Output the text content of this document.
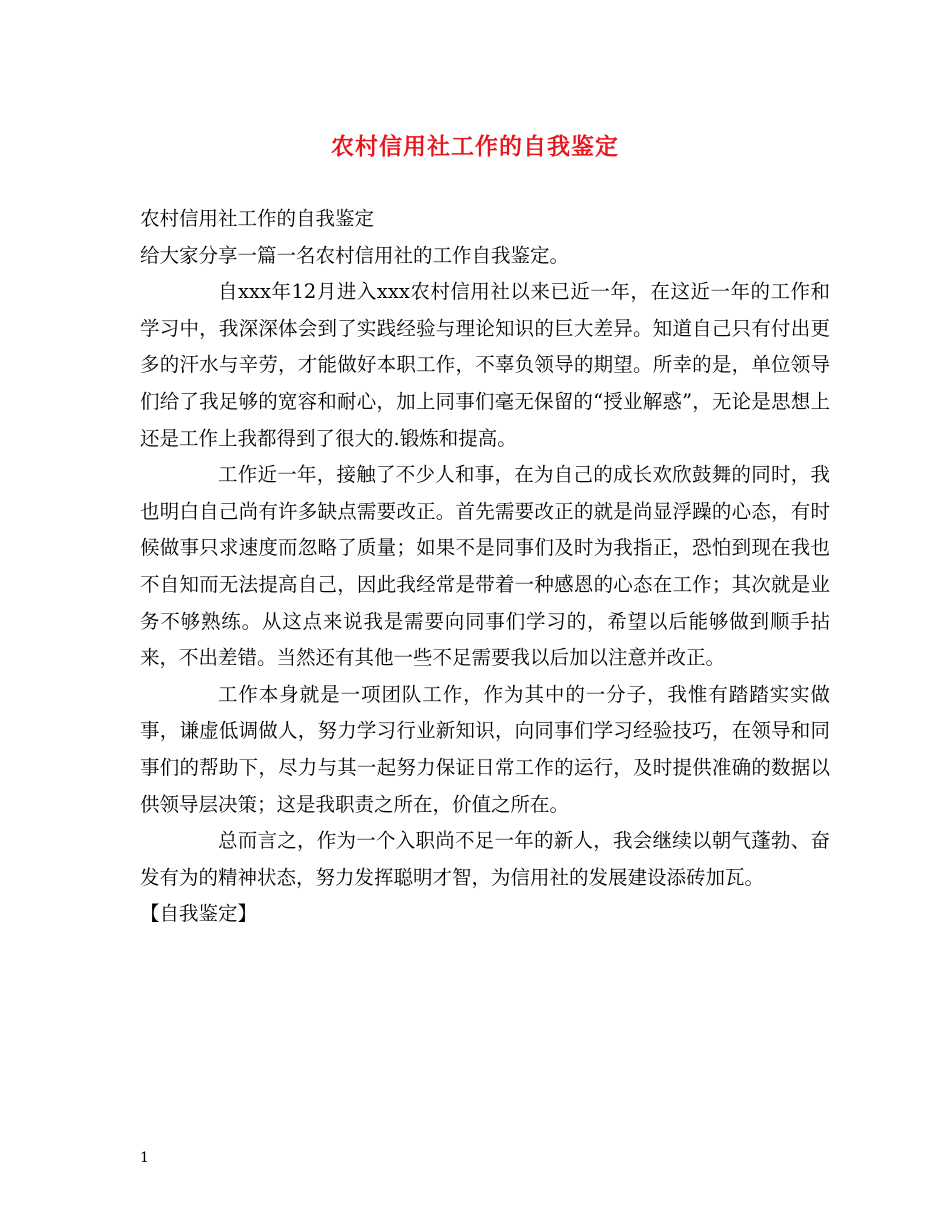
农村信用社工作的自我鉴定

农村信用社工作的自我鉴定

给大家分享一篇一名农村信用社的工作自我鉴定。

自xxx年12月进入xxx农村信用社以来已近一年，在这近一年的工作和学习中，我深深体会到了实践经验与理论知识的巨大差异。知道自己只有付出更多的汗水与辛劳，才能做好本职工作，不辜负领导的期望。所幸的是，单位领导们给了我足够的宽容和耐心，加上同事们毫无保留的“授业解惑”，无论是思想上还是工作上我都得到了很大的.锻炼和提高。

工作近一年，接触了不少人和事，在为自己的成长欢欣鼓舞的同时，我也明白自己尚有许多缺点需要改正。首先需要改正的就是尚显浮躁的心态，有时候做事只求速度而忽略了质量；如果不是同事们及时为我指正，恐怕到现在我也不自知而无法提高自己，因此我经常是带着一种感恩的心态在工作；其次就是业务不够熟练。从这点来说我是需要向同事们学习的，希望以后能够做到顺手拈来，不出差错。当然还有其他一些不足需要我以后加以注意并改正。

工作本身就是一项团队工作，作为其中的一分子，我惟有踏踏实实做事，谦虚低调做人，努力学习行业新知识，向同事们学习经验技巧，在领导和同事们的帮助下，尽力与其一起努力保证日常工作的运行，及时提供准确的数据以供领导层决策；这是我职责之所在，价值之所在。

总而言之，作为一个入职尚不足一年的新人，我会继续以朝气蓬勃、奋发有为的精神状态，努力发挥聪明才智，为信用社的发展建设添砖加瓦。

【自我鉴定】

1
